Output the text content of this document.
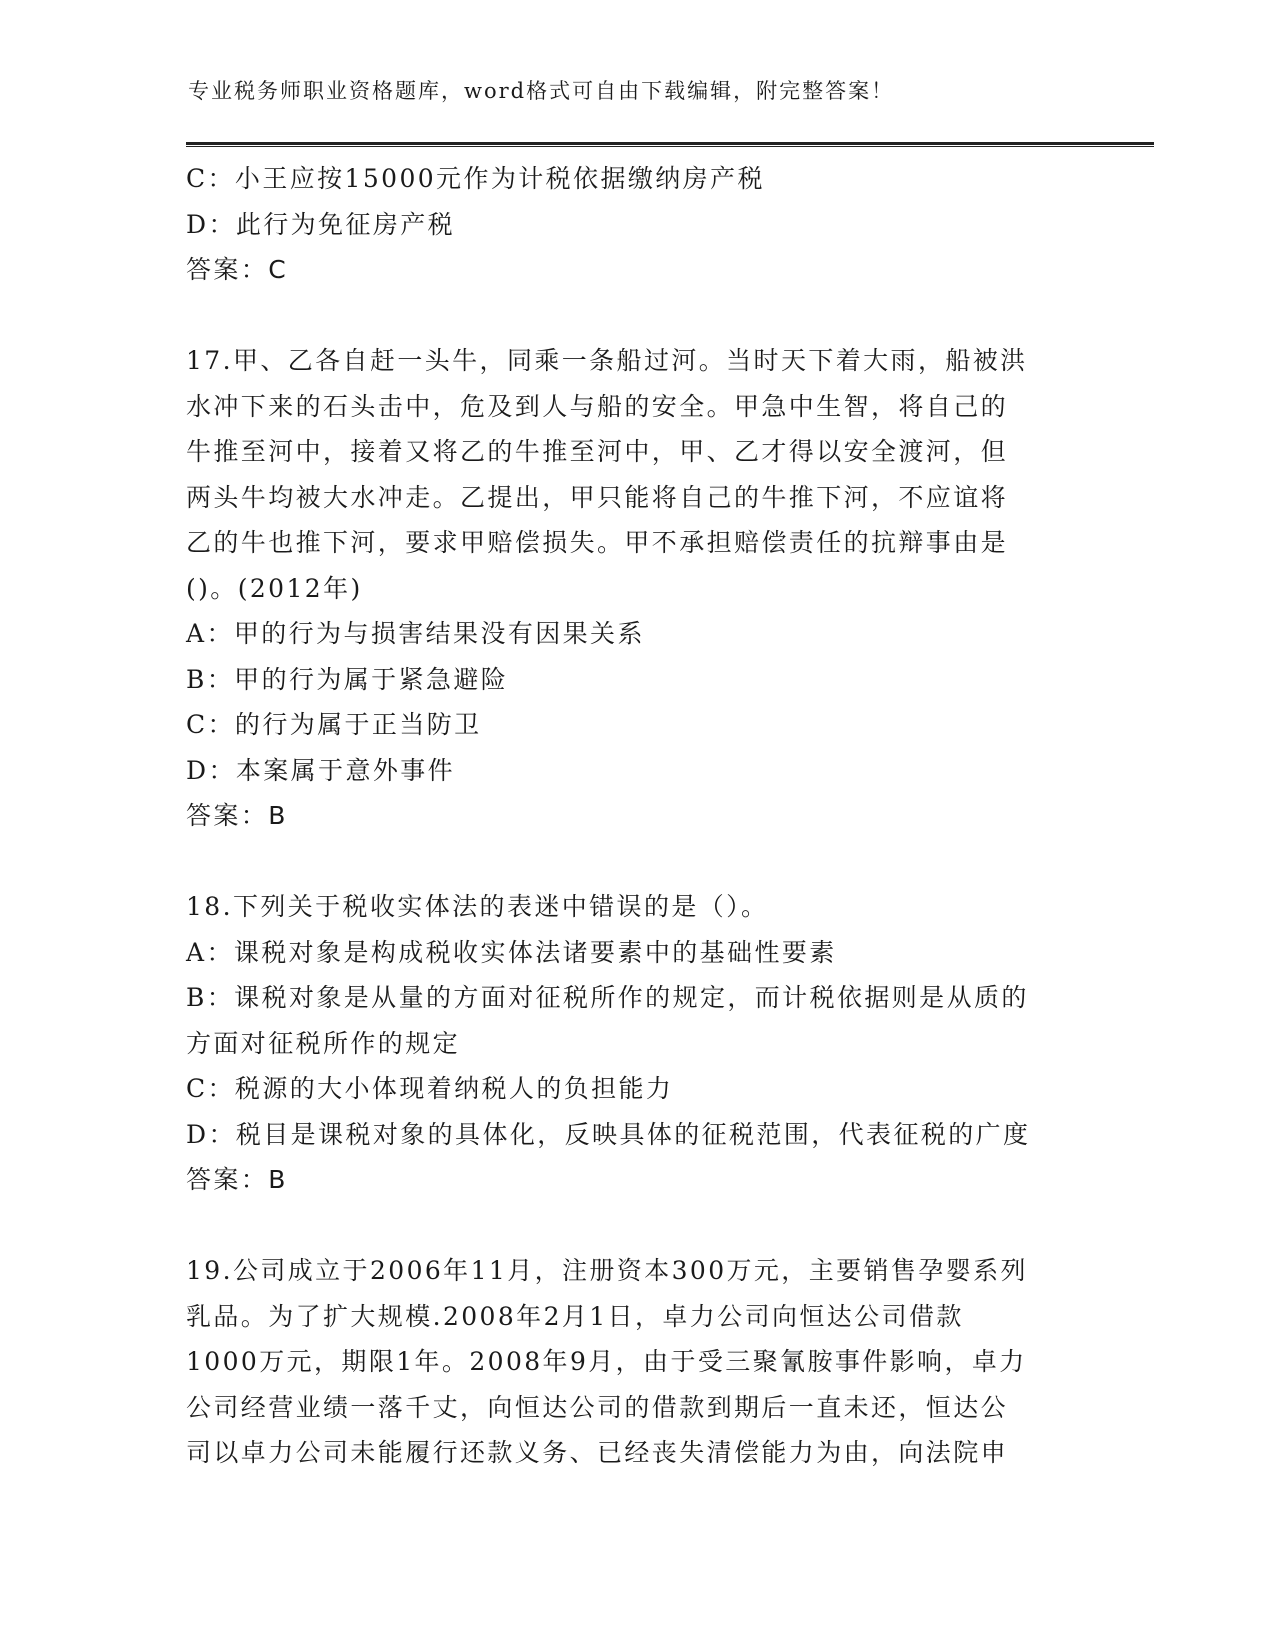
专业税务师职业资格题库，word格式可自由下载编辑，附完整答案！
C：小王应按15000元作为计税依据缴纳房产税
D：此行为免征房产税
答案：C
17.甲、乙各自赶一头牛，同乘一条船过河。当时天下着大雨，船被洪
水冲下来的石头击中，危及到人与船的安全。甲急中生智，将自己的
牛推至河中，接着又将乙的牛推至河中，甲、乙才得以安全渡河，但
两头牛均被大水冲走。乙提出，甲只能将自己的牛推下河，不应谊将
乙的牛也推下河，要求甲赔偿损失。甲不承担赔偿责任的抗辩事由是
()。(2012年)
A：甲的行为与损害结果没有因果关系
B：甲的行为属于紧急避险
C：的行为属于正当防卫
D：本案属于意外事件
答案：B
18.下列关于税收实体法的表迷中错误的是（）。
A：课税对象是构成税收实体法诸要素中的基础性要素
B：课税对象是从量的方面对征税所作的规定，而计税依据则是从质的
方面对征税所作的规定
C：税源的大小体现着纳税人的负担能力
D：税目是课税对象的具体化，反映具体的征税范围，代表征税的广度
答案：B
19.公司成立于2006年11月，注册资本300万元，主要销售孕婴系列
乳品。为了扩大规模.2008年2月1日，卓力公司向恒达公司借款
1000万元，期限1年。2008年9月，由于受三聚氰胺事件影响，卓力
公司经营业绩一落千丈，向恒达公司的借款到期后一直未还，恒达公
司以卓力公司未能履行还款义务、已经丧失清偿能力为由，向法院申
